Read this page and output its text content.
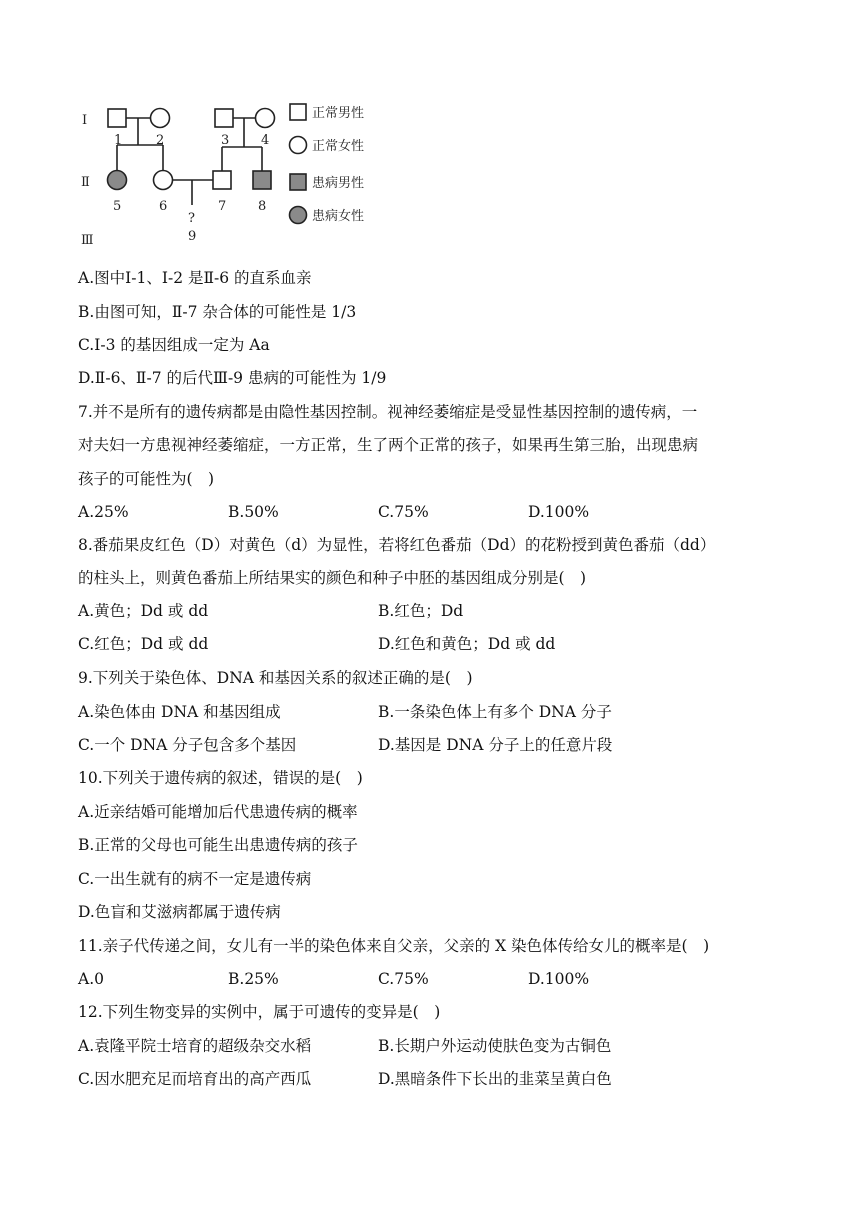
Ⅰ
Ⅱ
Ⅲ
1	2	3 4
5	6	7 8
?
9
正常男性
正常女性
患病男性
患病女性
A.图中Ⅰ-1、Ⅰ-2 是Ⅱ-6 的直系血亲
B.由图可知，Ⅱ-7 杂合体的可能性是 1/3
C.Ⅰ-3 的基因组成一定为 Aa
D.Ⅱ-6、Ⅱ-7 的后代Ⅲ-9 患病的可能性为 1/9
7.并不是所有的遗传病都是由隐性基因控制。视神经萎缩症是受显性基因控制的遗传病，一
对夫妇一方患视神经萎缩症，一方正常，生了两个正常的孩子，如果再生第三胎，出现患病
孩子的可能性为(　)
A.25%	B.50%	C.75%	D.100%
8.番茄果皮红色（D）对黄色（d）为显性，若将红色番茄（Dd）的花粉授到黄色番茄（dd）
的柱头上，则黄色番茄上所结果实的颜色和种子中胚的基因组成分别是(　)
A.黄色；Dd 或 dd	B.红色；Dd
C.红色；Dd 或 dd	D.红色和黄色；Dd 或 dd
9.下列关于染色体、DNA 和基因关系的叙述正确的是(　)
A.染色体由 DNA 和基因组成	B.一条染色体上有多个 DNA 分子
C.一个 DNA 分子包含多个基因	D.基因是 DNA 分子上的任意片段
10.下列关于遗传病的叙述，错误的是(　)
A.近亲结婚可能增加后代患遗传病的概率
B.正常的父母也可能生出患遗传病的孩子
C.一出生就有的病不一定是遗传病
D.色盲和艾滋病都属于遗传病
11.亲子代传递之间，女儿有一半的染色体来自父亲，父亲的 X 染色体传给女儿的概率是(　)
A.0	B.25%	C.75%	D.100%
12.下列生物变异的实例中，属于可遗传的变异是(　)
A.袁隆平院士培育的超级杂交水稻	B.长期户外运动使肤色变为古铜色
C.因水肥充足而培育出的高产西瓜	D.黑暗条件下长出的韭菜呈黄白色
